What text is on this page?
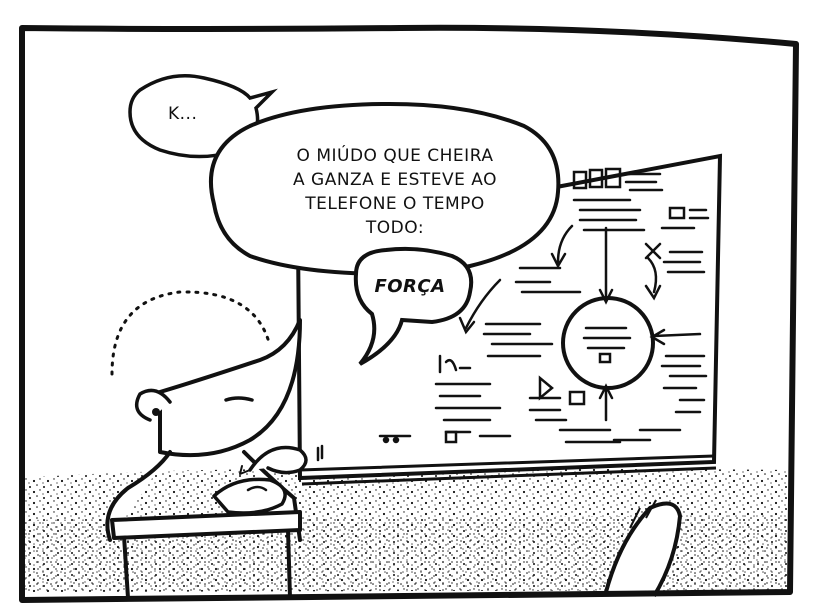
K...
O MIÚDO QUE CHEIRA
A GANZA E ESTEVE AO
TELEFONE O TEMPO
TODO:
FORÇA
